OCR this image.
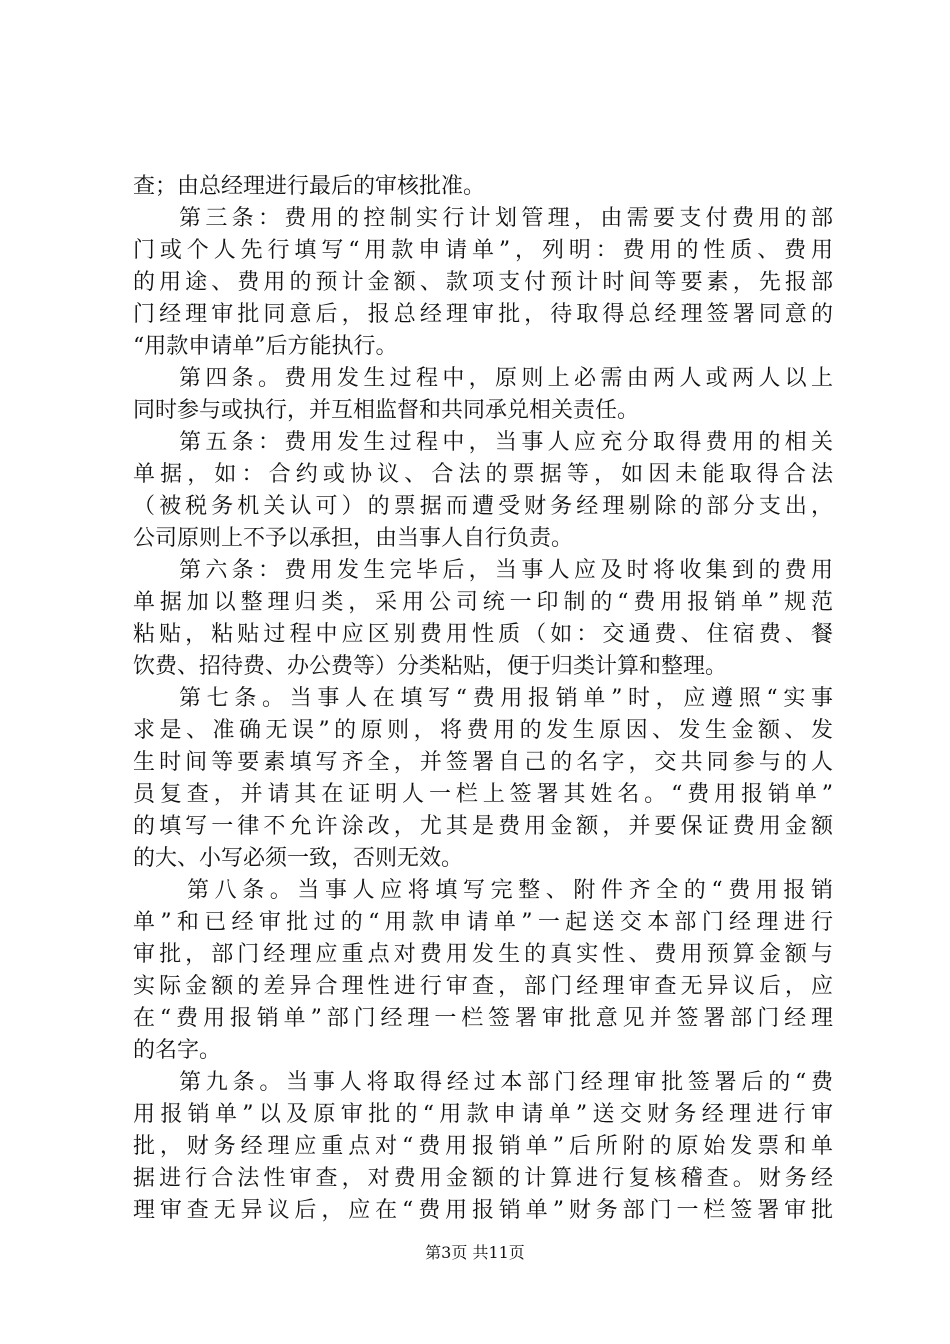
查；由总经理进行最后的审核批准。
第三条：费用的控制实行计划管理，由需要支付费用的部
门或个人先行填写“用款申请单”，列明：费用的性质、费用
的用途、费用的预计金额、款项支付预计时间等要素，先报部
门经理审批同意后，报总经理审批，待取得总经理签署同意的
“用款申请单”后方能执行。
第四条。费用发生过程中，原则上必需由两人或两人以上
同时参与或执行，并互相监督和共同承兑相关责任。
第五条：费用发生过程中，当事人应充分取得费用的相关
单据，如：合约或协议、合法的票据等，如因未能取得合法
（被税务机关认可）的票据而遭受财务经理剔除的部分支出，
公司原则上不予以承担，由当事人自行负责。
第六条：费用发生完毕后，当事人应及时将收集到的费用
单据加以整理归类，采用公司统一印制的“费用报销单”规范
粘贴，粘贴过程中应区别费用性质（如：交通费、住宿费、餐
饮费、招待费、办公费等）分类粘贴，便于归类计算和整理。
第七条。当事人在填写“费用报销单”时，应遵照“实事
求是、准确无误”的原则，将费用的发生原因、发生金额、发
生时间等要素填写齐全，并签署自己的名字，交共同参与的人
员复查，并请其在证明人一栏上签署其姓名。“费用报销单”
的填写一律不允许涂改，尤其是费用金额，并要保证费用金额
的大、小写必须一致，否则无效。
第八条。当事人应将填写完整、附件齐全的“费用报销
单”和已经审批过的“用款申请单”一起送交本部门经理进行
审批，部门经理应重点对费用发生的真实性、费用预算金额与
实际金额的差异合理性进行审查，部门经理审查无异议后，应
在“费用报销单”部门经理一栏签署审批意见并签署部门经理
的名字。
第九条。当事人将取得经过本部门经理审批签署后的“费
用报销单”以及原审批的“用款申请单”送交财务经理进行审
批，财务经理应重点对“费用报销单”后所附的原始发票和单
据进行合法性审查，对费用金额的计算进行复核稽查。财务经
理审查无异议后，应在“费用报销单”财务部门一栏签署审批
第3页 共11页
